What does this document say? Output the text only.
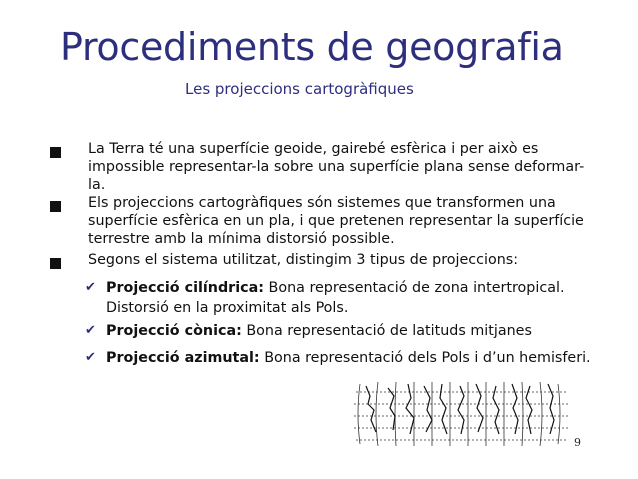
Procediments de geografia
Les projeccions cartogràfiques
La Terra té una superfície geoide, gairebé esfèrica i per això es impossible representar-la sobre una superfície plana sense deformar-la.
Els projeccions cartogràfiques són sistemes que transformen una superfície esfèrica en un pla, i que pretenen representar la superfície terrestre amb la mínima distorsió possible.
Segons el sistema utilitzat, distingim 3 tipus de projeccions:
✔ Projecció cilíndrica: Bona representació de zona intertropical. Distorsió en la proximitat als Pols.
✔ Projecció cònica: Bona representació de latituds mitjanes
✔ Projecció azimutal: Bona representació dels Pols i d’un hemisferi.
9
